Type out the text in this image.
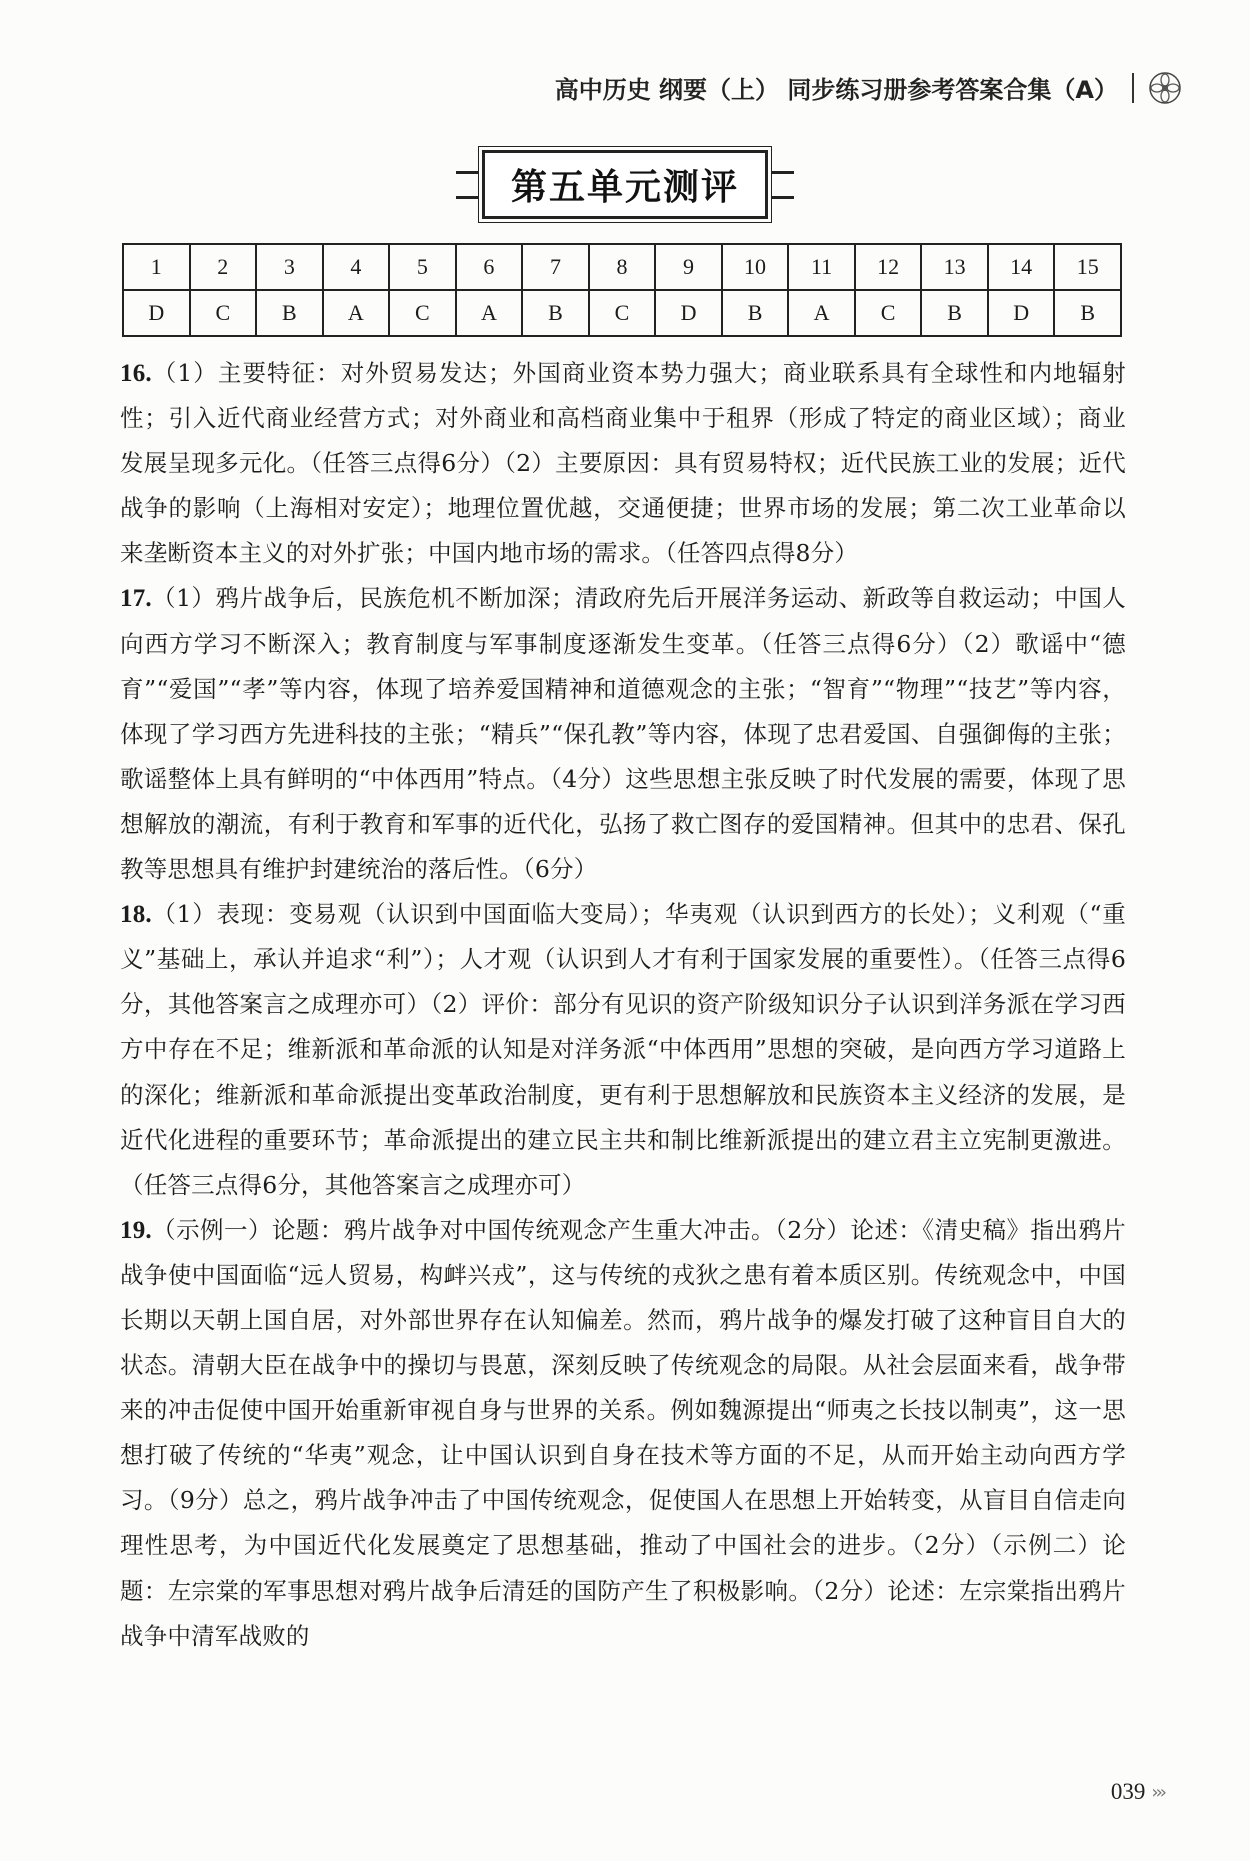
高中历史 纲要（上） 同步练习册参考答案合集（A）
第五单元测评
1	2	3	4	5	6	7	8	9	10	11	12	13	14	15
D	C	B	A	C	A	B	C	D	B	A	C	B	D	B

16.（1）主要特征：对外贸易发达；外国商业资本势力强大；商业联系具有全球性和内地辐射性；引入近代商业经营方式；对外商业和高档商业集中于租界（形成了特定的商业区域）；商业发展呈现多元化。（任答三点得6分）（2）主要原因：具有贸易特权；近代民族工业的发展；近代战争的影响（上海相对安定）；地理位置优越，交通便捷；世界市场的发展；第二次工业革命以来垄断资本主义的对外扩张；中国内地市场的需求。（任答四点得8分）

17.（1）鸦片战争后，民族危机不断加深；清政府先后开展洋务运动、新政等自救运动；中国人向西方学习不断深入；教育制度与军事制度逐渐发生变革。（任答三点得6分）（2）歌谣中“德育”“爱国”“孝”等内容，体现了培养爱国精神和道德观念的主张；“智育”“物理”“技艺”等内容，体现了学习西方先进科技的主张；“精兵”“保孔教”等内容，体现了忠君爱国、自强御侮的主张；歌谣整体上具有鲜明的“中体西用”特点。（4分）这些思想主张反映了时代发展的需要，体现了思想解放的潮流，有利于教育和军事的近代化，弘扬了救亡图存的爱国精神。但其中的忠君、保孔教等思想具有维护封建统治的落后性。（6分）

18.（1）表现：变易观（认识到中国面临大变局）；华夷观（认识到西方的长处）；义利观（“重义”基础上，承认并追求“利”）；人才观（认识到人才有利于国家发展的重要性）。（任答三点得6分，其他答案言之成理亦可）（2）评价：部分有见识的资产阶级知识分子认识到洋务派在学习西方中存在不足；维新派和革命派的认知是对洋务派“中体西用”思想的突破，是向西方学习道路上的深化；维新派和革命派提出变革政治制度，更有利于思想解放和民族资本主义经济的发展，是近代化进程的重要环节；革命派提出的建立民主共和制比维新派提出的建立君主立宪制更激进。（任答三点得6分，其他答案言之成理亦可）

19.（示例一）论题：鸦片战争对中国传统观念产生重大冲击。（2分）论述：《清史稿》指出鸦片战争使中国面临“远人贸易，构衅兴戎”，这与传统的戎狄之患有着本质区别。传统观念中，中国长期以天朝上国自居，对外部世界存在认知偏差。然而，鸦片战争的爆发打破了这种盲目自大的状态。清朝大臣在战争中的操切与畏葸，深刻反映了传统观念的局限。从社会层面来看，战争带来的冲击促使中国开始重新审视自身与世界的关系。例如魏源提出“师夷之长技以制夷”，这一思想打破了传统的“华夷”观念，让中国认识到自身在技术等方面的不足，从而开始主动向西方学习。（9分）总之，鸦片战争冲击了中国传统观念，促使国人在思想上开始转变，从盲目自信走向理性思考，为中国近代化发展奠定了思想基础，推动了中国社会的进步。（2分）（示例二）论题：左宗棠的军事思想对鸦片战争后清廷的国防产生了积极影响。（2分）论述：左宗棠指出鸦片战争中清军战败的

039 ›››
